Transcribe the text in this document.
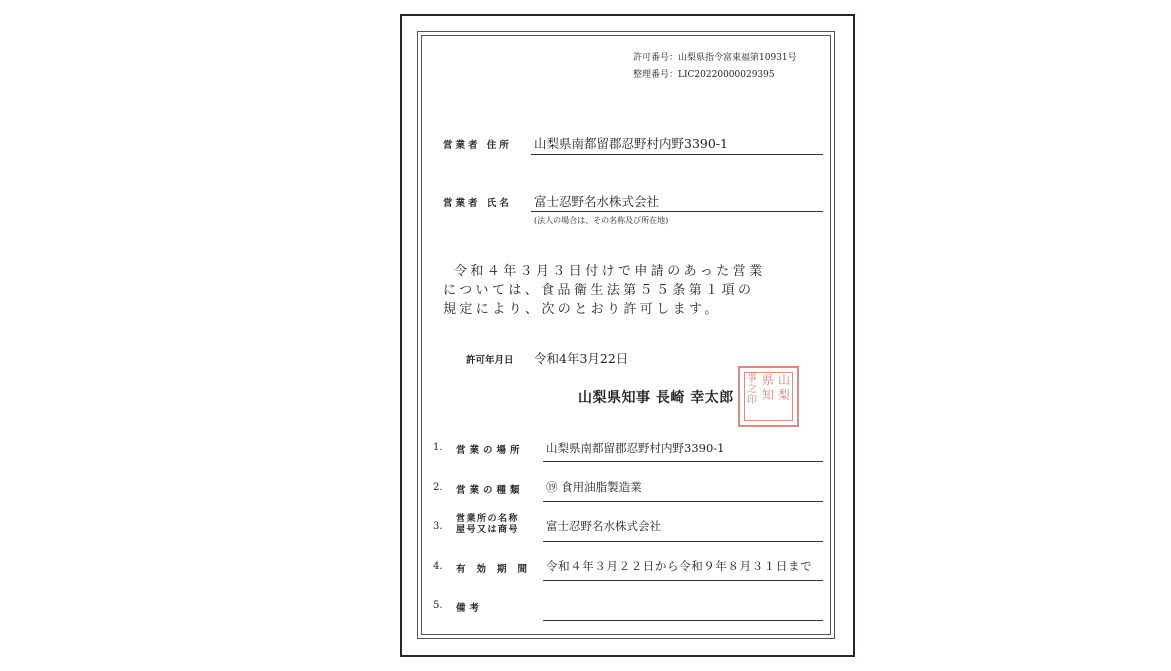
許可番号：山梨県指令富東福第10931号
整理番号：LIC20220000029395
営業者 住所 山梨県南都留郡忍野村内野3390-1
営業者 氏名 富士忍野名水株式会社
(法人の場合は、その名称及び所在地)
令和４年３月３日付けで申請のあった営業
については、食品衛生法第５５条第１項の
規定により、次のとおり許可します。
許可年月日 令和4年3月22日
山梨県知事 長崎 幸太郎
山梨
県知
事之印
1. 営業の場所 山梨県南都留郡忍野村内野3390-1
2. 営業の種類 ⑲ 食用油脂製造業
3.
営業所の名称
屋号又は商号 富士忍野名水株式会社
4. 有効期間 令和４年３月２２日から令和９年８月３１日まで
5. 備考
